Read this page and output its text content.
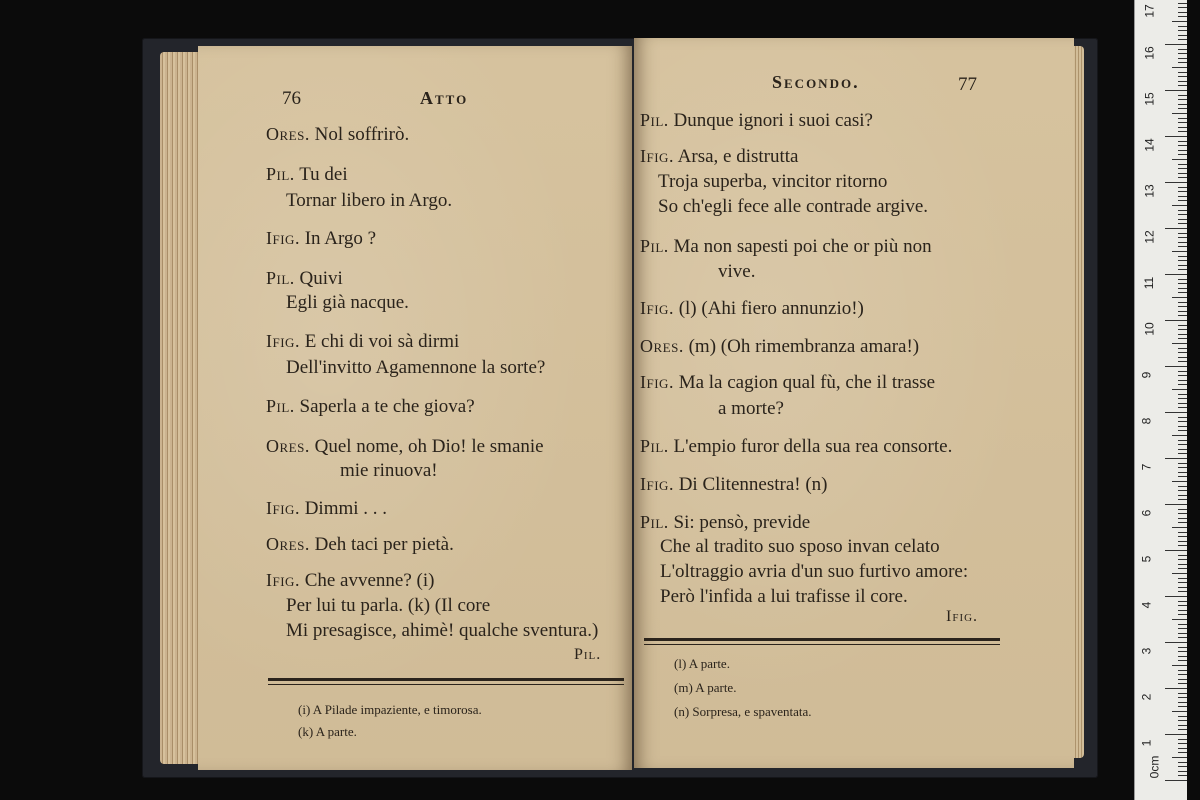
76	Atto
Ores. Nol soffrirò.
Pil. Tu dei
Tornar libero in Argo.
Ifig. In Argo ?
Pil. Quivi
Egli già nacque.
Ifig. E chi di voi sà dirmi
Dell'invitto Agamennone la sorte?
Pil. Saperla a te che giova?
Ores. Quel nome, oh Dio! le smanie
mie rinuova!
Ifig. Dimmi . . .
Ores. Deh taci per pietà.
Ifig. Che avvenne? (i)
Per lui tu parla. (k) (Il core
Mi presagisce, ahimè! qualche sventura.)
Pil.
(i) A Pilade impaziente, e timorosa.
(k) A parte.
Secondo.	77
Pil. Dunque ignori i suoi casi?
Ifig. Arsa, e distrutta
Troja superba, vincitor ritorno
So ch'egli fece alle contrade argive.
Pil. Ma non sapesti poi che or più non
vive.
Ifig. (l) (Ahi fiero annunzio!)
Ores. (m) (Oh rimembranza amara!)
Ifig. Ma la cagion qual fù, che il trasse
a morte?
Pil. L'empio furor della sua rea consorte.
Ifig. Di Clitennestra! (n)
Pil. Si: pensò, previde
Che al tradito suo sposo invan celato
L'oltraggio avria d'un suo furtivo amore:
Però l'infida a lui trafisse il core.
Ifig.
(l) A parte.
(m) A parte.
(n) Sorpresa, e spaventata.
0cm
1
2
3
4
5
6
7
8
9
10
11
12
13
14
15
16
17
